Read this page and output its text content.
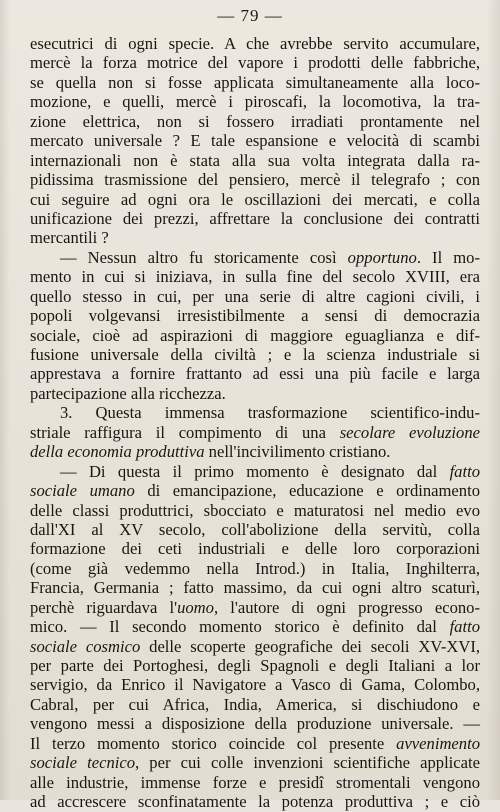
— 79 —
esecutrici di ogni specie. A che avrebbe servito accumulare,
mercè la forza motrice del vapore i prodotti delle fabbriche,
se quella non si fosse applicata simultaneamente alla loco-
mozione, e quelli, mercè i piroscafi, la locomotiva, la tra-
zione elettrica, non si fossero irradiati prontamente nel
mercato universale ? E tale espansione e velocità di scambi
internazionali non è stata alla sua volta integrata dalla ra-
pidissima trasmissione del pensiero, mercè il telegrafo ; con
cui seguire ad ogni ora le oscillazioni dei mercati, e colla
unificazione dei prezzi, affrettare la conclusione dei contratti
mercantili ?
— Nessun altro fu storicamente così opportuno. Il mo-
mento in cui si iniziava, in sulla fine del secolo XVIII, era
quello stesso in cui, per una serie di altre cagioni civili, i
popoli volgevansi irresistibilmente a sensi di democrazia
sociale, cioè ad aspirazioni di maggiore eguaglianza e dif-
fusione universale della civiltà ; e la scienza industriale si
apprestava a fornire frattanto ad essi una più facile e larga
partecipazione alla ricchezza.
3. Questa immensa trasformazione scientifico-indu-
striale raffigura il compimento di una secolare evoluzione
della economia produttiva nell'incivilimento cristiano.
— Di questa il primo momento è designato dal fatto
sociale umano di emancipazione, educazione e ordinamento
delle classi produttrici, sbocciato e maturatosi nel medio evo
dall'XI al XV secolo, coll'abolizione della servitù, colla
formazione dei ceti industriali e delle loro corporazioni
(come già vedemmo nella Introd.) in Italia, Inghilterra,
Francia, Germania ; fatto massimo, da cui ogni altro scaturì,
perchè riguardava l'uomo, l'autore di ogni progresso econo-
mico. — Il secondo momento storico è definito dal fatto
sociale cosmico delle scoperte geografiche dei secoli XV-XVI,
per parte dei Portoghesi, degli Spagnoli e degli Italiani a lor
servigio, da Enrico il Navigatore a Vasco di Gama, Colombo,
Cabral, per cui Africa, India, America, si dischiudono e
vengono messi a disposizione della produzione universale. —
Il terzo momento storico coincide col presente avvenimento
sociale tecnico, per cui colle invenzioni scientifiche applicate
alle industrie, immense forze e presidî stromentali vengono
ad accrescere sconfinatamente la potenza produttiva ; e ciò
